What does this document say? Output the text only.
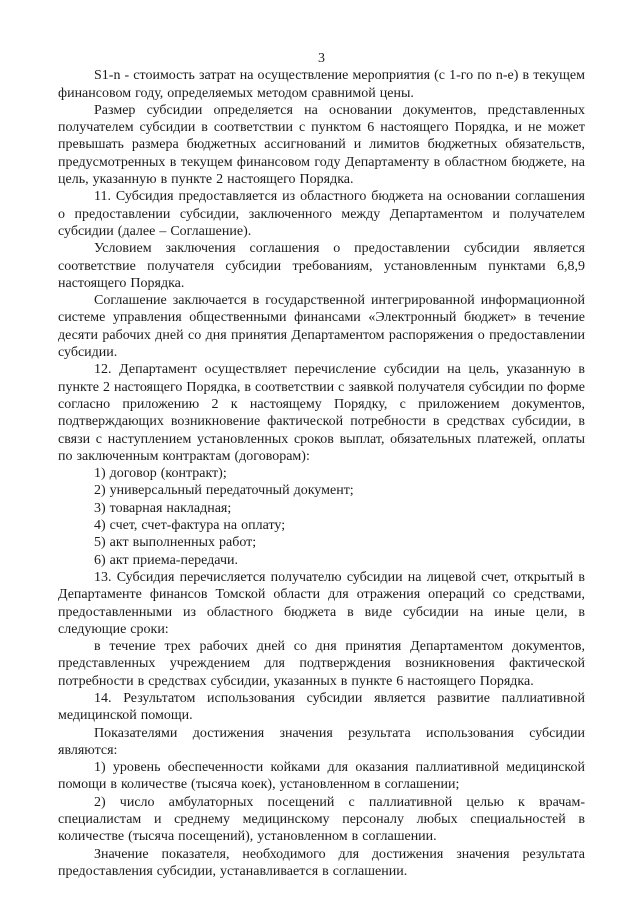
3

S1-n - стоимость затрат на осуществление мероприятия (с 1-го по n-е) в текущем финансовом году, определяемых методом сравнимой цены.

Размер субсидии определяется на основании документов, представленных получателем субсидии в соответствии с пунктом 6 настоящего Порядка, и не может превышать размера бюджетных ассигнований и лимитов бюджетных обязательств, предусмотренных в текущем финансовом году Департаменту в областном бюджете, на цель, указанную в пункте 2 настоящего Порядка.

11. Субсидия предоставляется из областного бюджета на основании соглашения о предоставлении субсидии, заключенного между Департаментом и получателем субсидии (далее – Соглашение).

Условием заключения соглашения о предоставлении субсидии является соответствие получателя субсидии требованиям, установленным пунктами 6,8,9 настоящего Порядка.

Соглашение заключается в государственной интегрированной информационной системе управления общественными финансами «Электронный бюджет» в течение десяти рабочих дней со дня принятия Департаментом распоряжения о предоставлении субсидии.

12. Департамент осуществляет перечисление субсидии на цель, указанную в пункте 2 настоящего Порядка, в соответствии с заявкой получателя субсидии по форме согласно приложению 2 к настоящему Порядку, с приложением документов, подтверждающих возникновение фактической потребности в средствах субсидии, в связи с наступлением установленных сроков выплат, обязательных платежей, оплаты по заключенным контрактам (договорам):

1) договор (контракт);

2) универсальный передаточный документ;

3) товарная накладная;

4) счет, счет-фактура на оплату;

5) акт выполненных работ;

6) акт приема-передачи.

13. Субсидия перечисляется получателю субсидии на лицевой счет, открытый в Департаменте финансов Томской области для отражения операций со средствами, предоставленными из областного бюджета в виде субсидии на иные цели, в следующие сроки:

в течение трех рабочих дней со дня принятия Департаментом документов, представленных учреждением для подтверждения возникновения фактической потребности в средствах субсидии, указанных в пункте 6 настоящего Порядка.

14. Результатом использования субсидии является развитие паллиативной медицинской помощи.

Показателями достижения значения результата использования субсидии являются:

1) уровень обеспеченности койками для оказания паллиативной медицинской помощи в количестве (тысяча коек), установленном в соглашении;

2) число амбулаторных посещений с паллиативной целью к врачам-специалистам и среднему медицинскому персоналу любых специальностей в количестве (тысяча посещений), установленном в соглашении.

Значение показателя, необходимого для достижения значения результата предоставления субсидии, устанавливается в соглашении.
